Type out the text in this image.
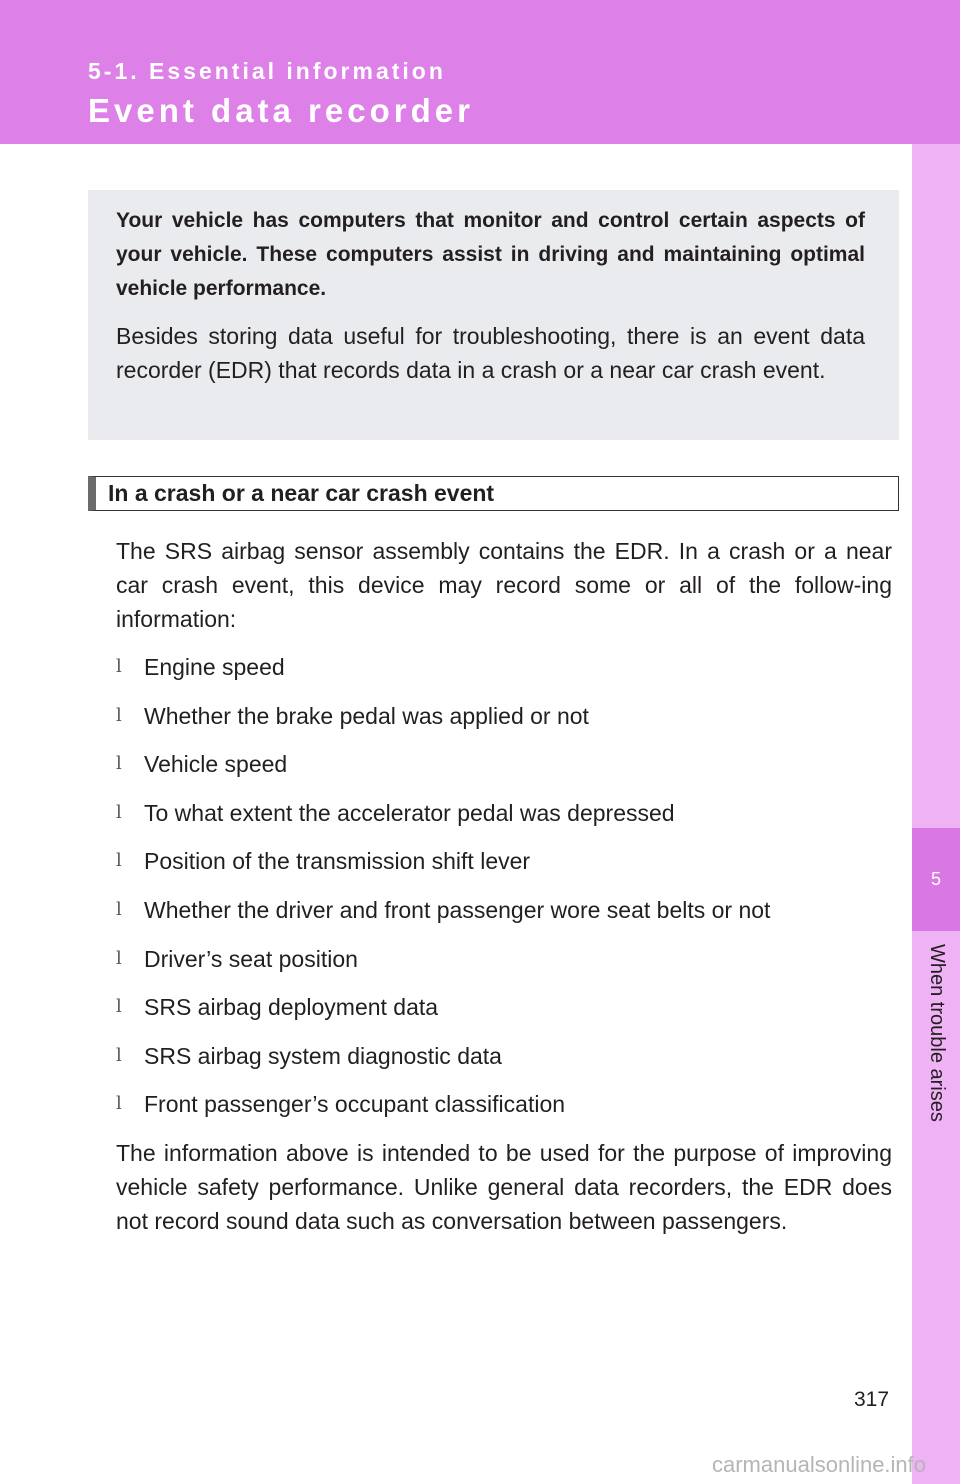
5-1. Essential information
Event data recorder
5
When trouble arises

Your vehicle has computers that monitor and control certain aspects of your vehicle. These computers assist in driving and maintaining optimal vehicle performance.

Besides storing data useful for troubleshooting, there is an event data recorder (EDR) that records data in a crash or a near car crash event.

In a crash or a near car crash event

The SRS airbag sensor assembly contains the EDR. In a crash or a near car crash event, this device may record some or all of the follow-ing information:

l Engine speed
l Whether the brake pedal was applied or not
l Vehicle speed
l To what extent the accelerator pedal was depressed
l Position of the transmission shift lever
l Whether the driver and front passenger wore seat belts or not
l Driver’s seat position
l SRS airbag deployment data
l SRS airbag system diagnostic data
l Front passenger’s occupant classification

The information above is intended to be used for the purpose of improving vehicle safety performance. Unlike general data recorders, the EDR does not record sound data such as conversation between passengers.

317
carmanualsonline.info
